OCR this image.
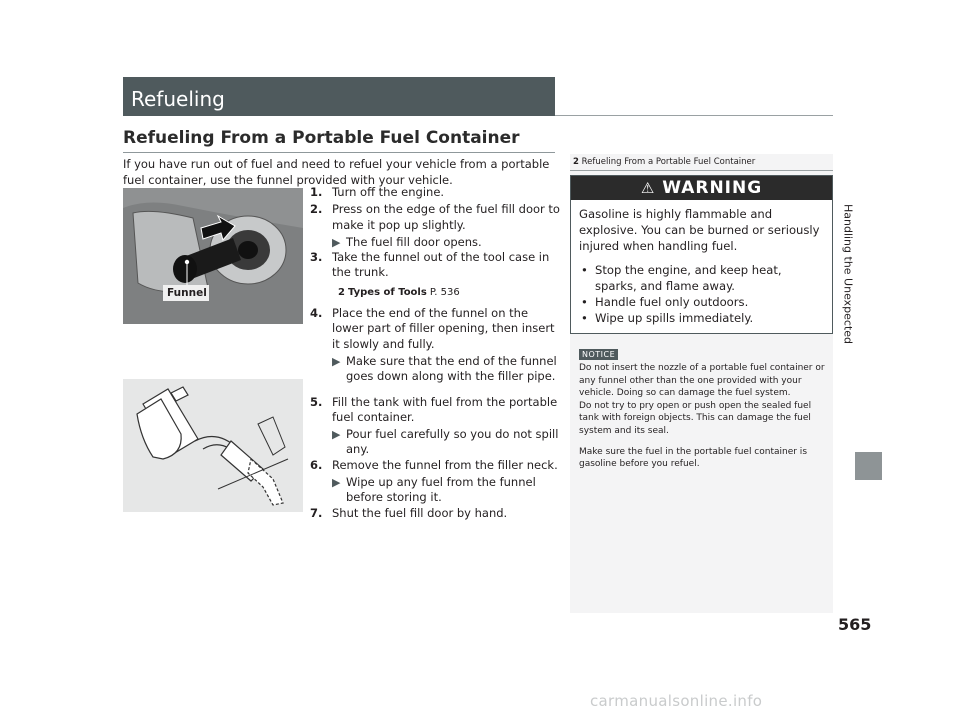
Refueling
Refueling From a Portable Fuel Container

If you have run out of fuel and need to refuel your vehicle from a portable fuel container, use the funnel provided with your vehicle.

Funnel
1. Turn off the engine.
2. Press on the edge of the fuel fill door to make it pop up slightly.
▶ The fuel fill door opens.
3. Take the funnel out of the tool case in the trunk.
2 Types of Tools P. 536
4. Place the end of the funnel on the lower part of filler opening, then insert it slowly and fully.
▶ Make sure that the end of the funnel goes down along with the filler pipe.
5. Fill the tank with fuel from the portable fuel container.
▶ Pour fuel carefully so you do not spill any.
6. Remove the funnel from the filler neck.
▶ Wipe up any fuel from the funnel before storing it.
7. Shut the fuel fill door by hand.
2 Refueling From a Portable Fuel Container
⚠ WARNING
Gasoline is highly flammable and explosive. You can be burned or seriously injured when handling fuel.
• Stop the engine, and keep heat, sparks, and flame away.
• Handle fuel only outdoors.
• Wipe up spills immediately.
NOTICE

Do not insert the nozzle of a portable fuel container or any funnel other than the one provided with your vehicle. Doing so can damage the fuel system.

Do not try to pry open or push open the sealed fuel tank with foreign objects. This can damage the fuel system and its seal.

Make sure the fuel in the portable fuel container is gasoline before you refuel.

Handling the Unexpected
565
carmanualsonline.info
